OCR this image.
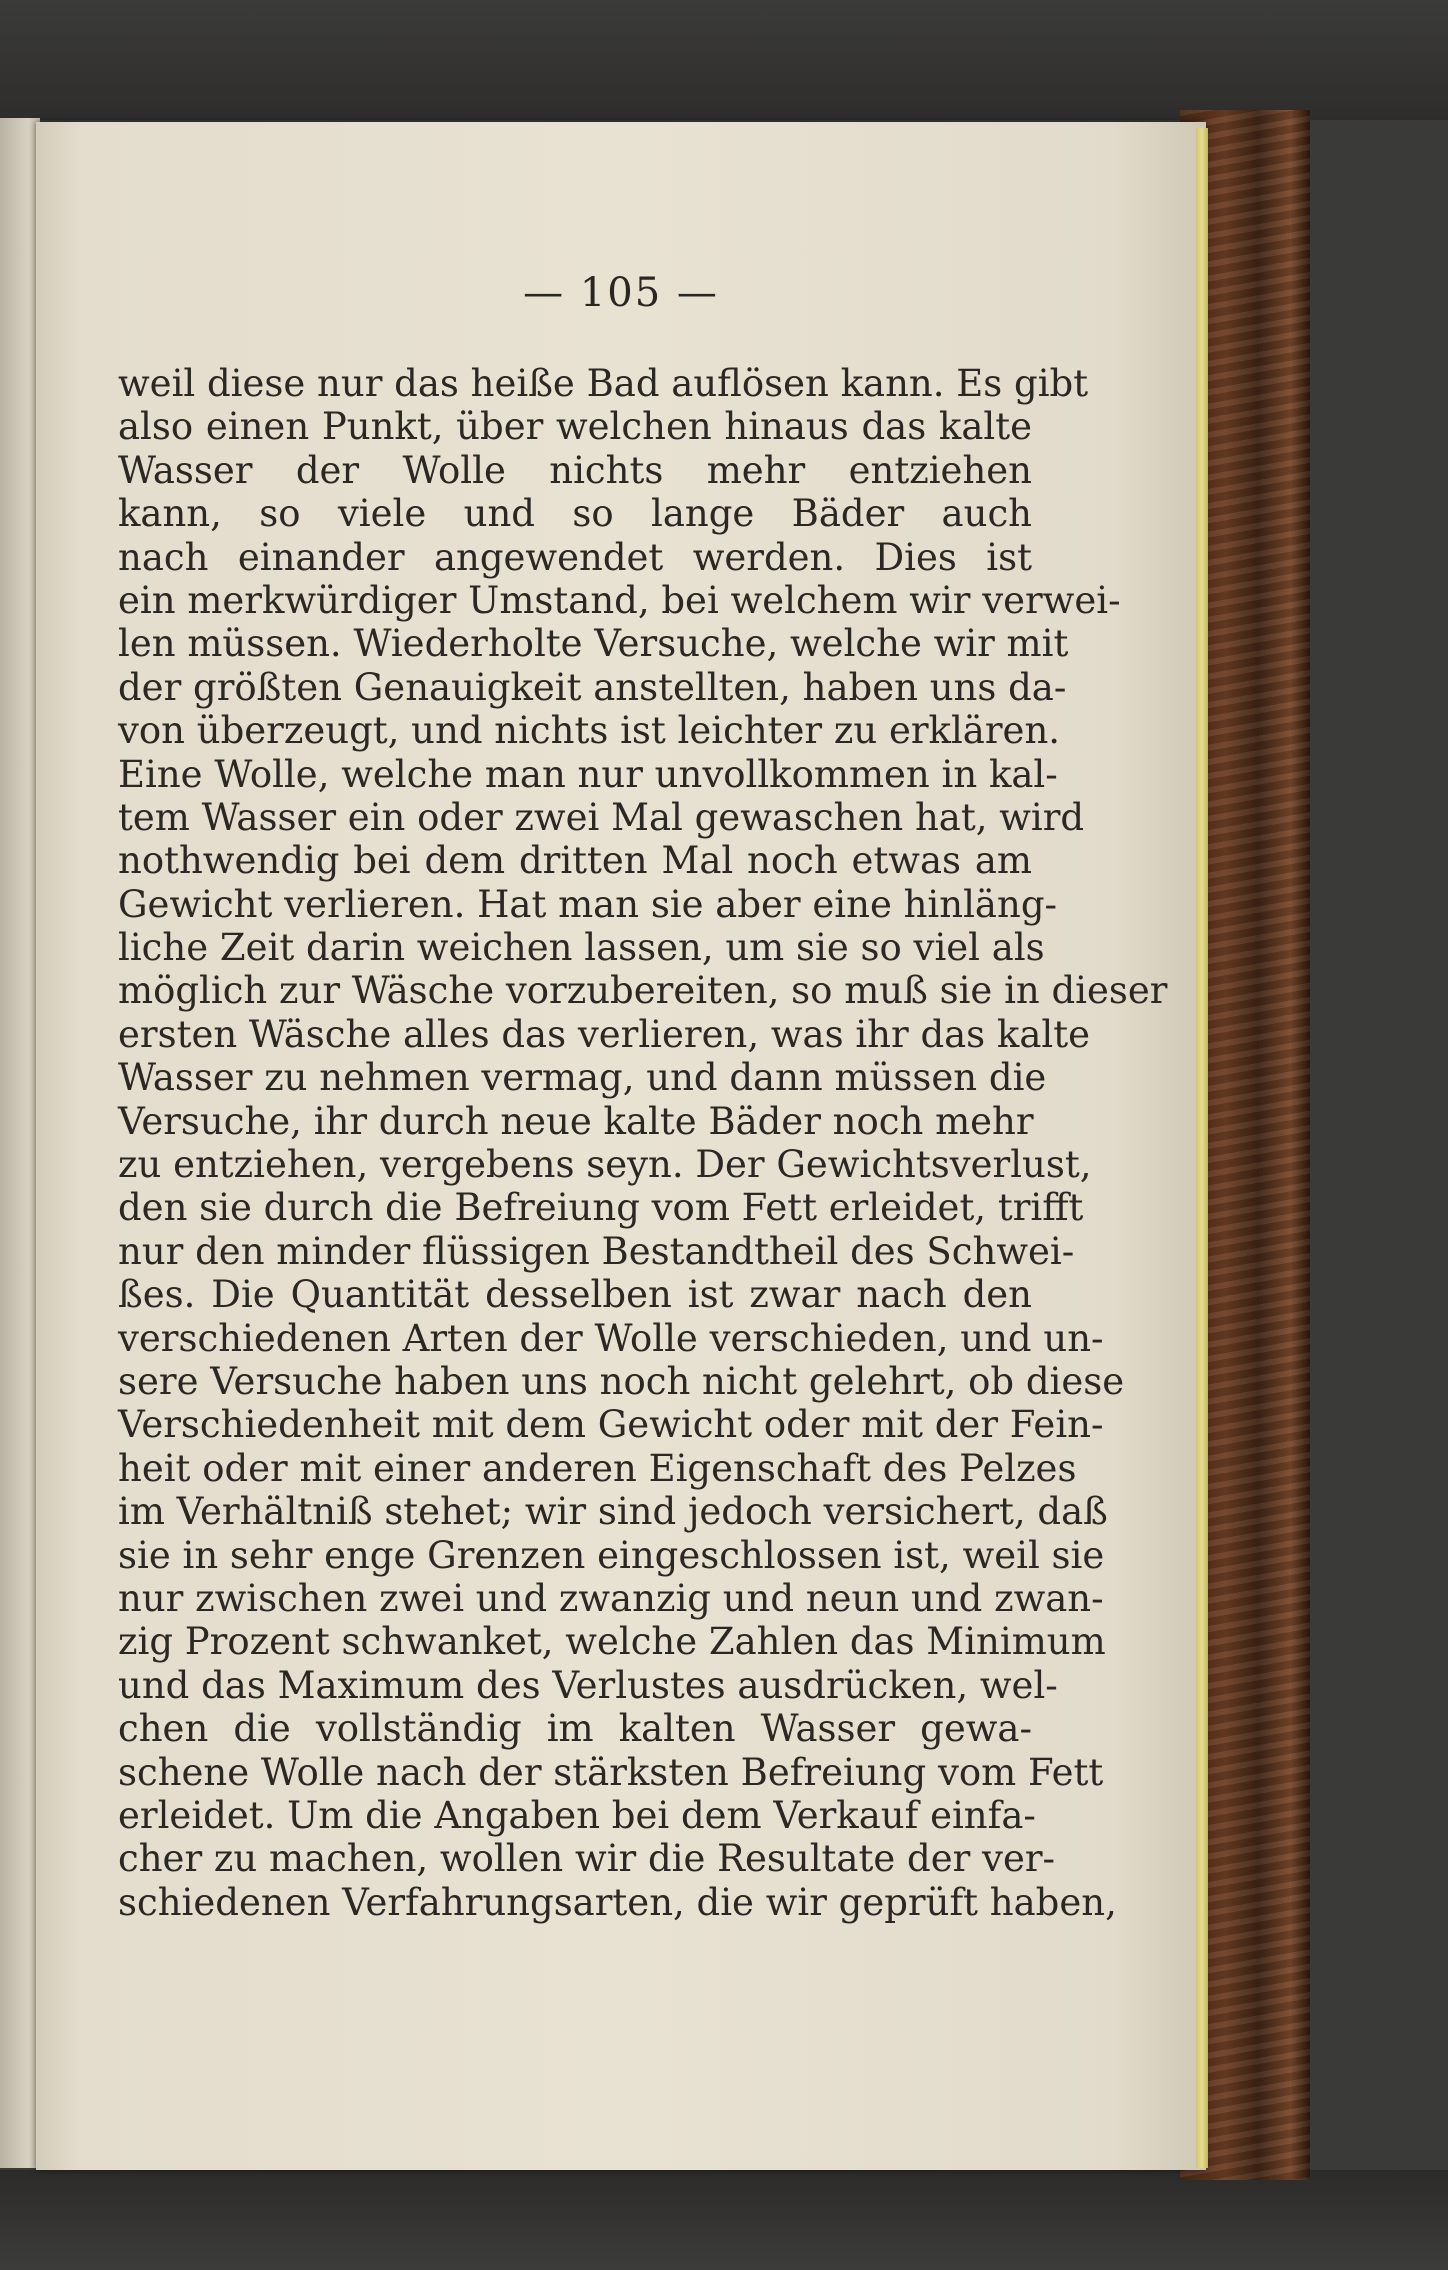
— 105 —
weil diese nur das heiße Bad auflösen kann. Es gibt
also einen Punkt, über welchen hinaus das kalte
Wasser der Wolle nichts mehr entziehen
kann, so viele und so lange Bäder auch
nach einander angewendet werden. Dies ist
ein merkwürdiger Umstand, bei welchem wir verwei-
len müssen. Wiederholte Versuche, welche wir mit
der größten Genauigkeit anstellten, haben uns da-
von überzeugt, und nichts ist leichter zu erklären.
Eine Wolle, welche man nur unvollkommen in kal-
tem Wasser ein oder zwei Mal gewaschen hat, wird
nothwendig bei dem dritten Mal noch etwas am
Gewicht verlieren. Hat man sie aber eine hinläng-
liche Zeit darin weichen lassen, um sie so viel als
möglich zur Wäsche vorzubereiten, so muß sie in dieser
ersten Wäsche alles das verlieren, was ihr das kalte
Wasser zu nehmen vermag, und dann müssen die
Versuche, ihr durch neue kalte Bäder noch mehr
zu entziehen, vergebens seyn. Der Gewichtsverlust,
den sie durch die Befreiung vom Fett erleidet, trifft
nur den minder flüssigen Bestandtheil des Schwei-
ßes. Die Quantität desselben ist zwar nach den
verschiedenen Arten der Wolle verschieden, und un-
sere Versuche haben uns noch nicht gelehrt, ob diese
Verschiedenheit mit dem Gewicht oder mit der Fein-
heit oder mit einer anderen Eigenschaft des Pelzes
im Verhältniß stehet; wir sind jedoch versichert, daß
sie in sehr enge Grenzen eingeschlossen ist, weil sie
nur zwischen zwei und zwanzig und neun und zwan-
zig Prozent schwanket, welche Zahlen das Minimum
und das Maximum des Verlustes ausdrücken, wel-
chen die vollständig im kalten Wasser gewa-
schene Wolle nach der stärksten Befreiung vom Fett
erleidet. Um die Angaben bei dem Verkauf einfa-
cher zu machen, wollen wir die Resultate der ver-
schiedenen Verfahrungsarten, die wir geprüft haben,
